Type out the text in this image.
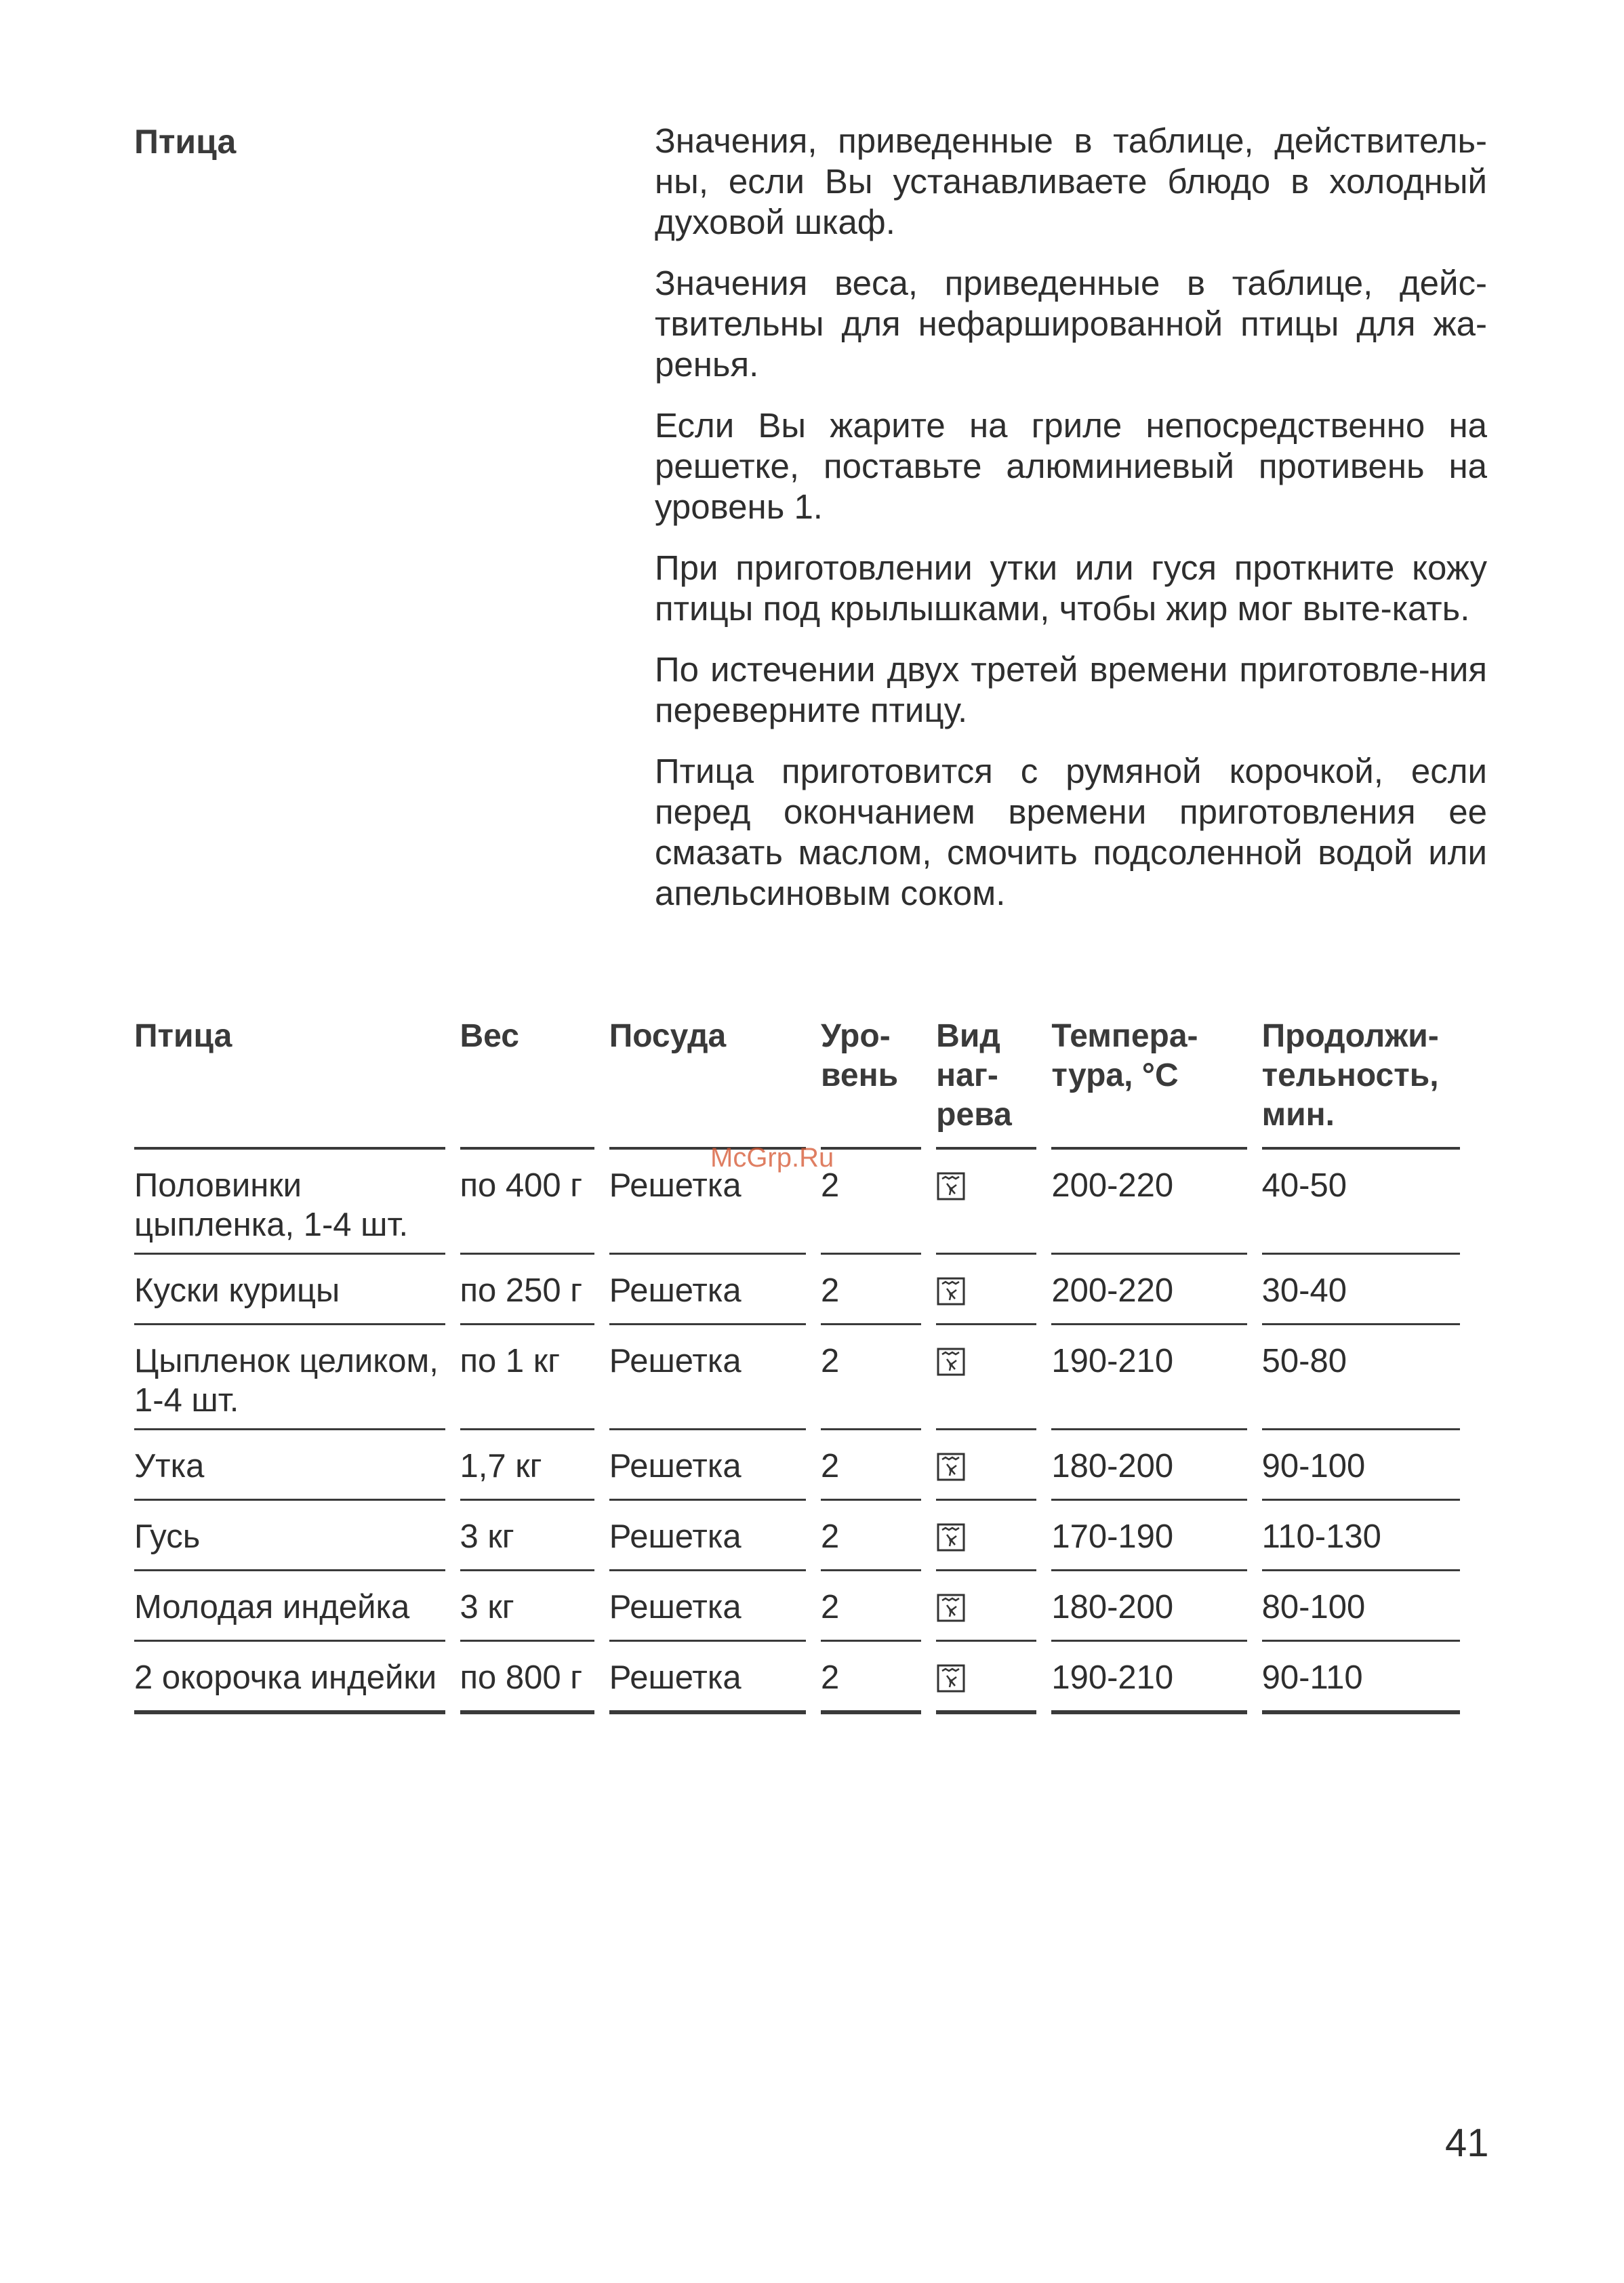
Птица	Значения, приведенные в таблице, действитель-ны, если Вы устанавливаете блюдо в холодный духовой шкаф.

Значения веса, приведенные в таблице, дейс-твительны для нефаршированной птицы для жа-ренья.

Если Вы жарите на гриле непосредственно на решетке, поставьте алюминиевый противень на уровень 1.

При приготовлении утки или гуся проткните кожу птицы под крылышками, чтобы жир мог выте-кать.

По истечении двух третей времени приготовле-ния переверните птицу.

Птица приготовится с румяной корочкой, если перед окончанием времени приготовления ее смазать маслом, смочить подсоленной водой или апельсиновым соком.

Птица	Вес	Посуда	Уро-вень	Вид наг-рева	Темпера-тура, °С	Продолжи-тельность, мин.
Половинки цыпленка, 1-4 шт.	по 400 г	Решетка	2		200-220	40-50
Куски курицы	по 250 г	Решетка	2		200-220	30-40
Цыпленок целиком, 1-4 шт.	по 1 кг	Решетка	2		190-210	50-80
Утка	1,7 кг	Решетка	2		180-200	90-100
Гусь	3 кг	Решетка	2		170-190	110-130
Молодая индейка	3 кг	Решетка	2		180-200	80-100
2 окорочка индейки	по 800 г	Решетка	2		190-210	90-110
McGrp.Ru
41
